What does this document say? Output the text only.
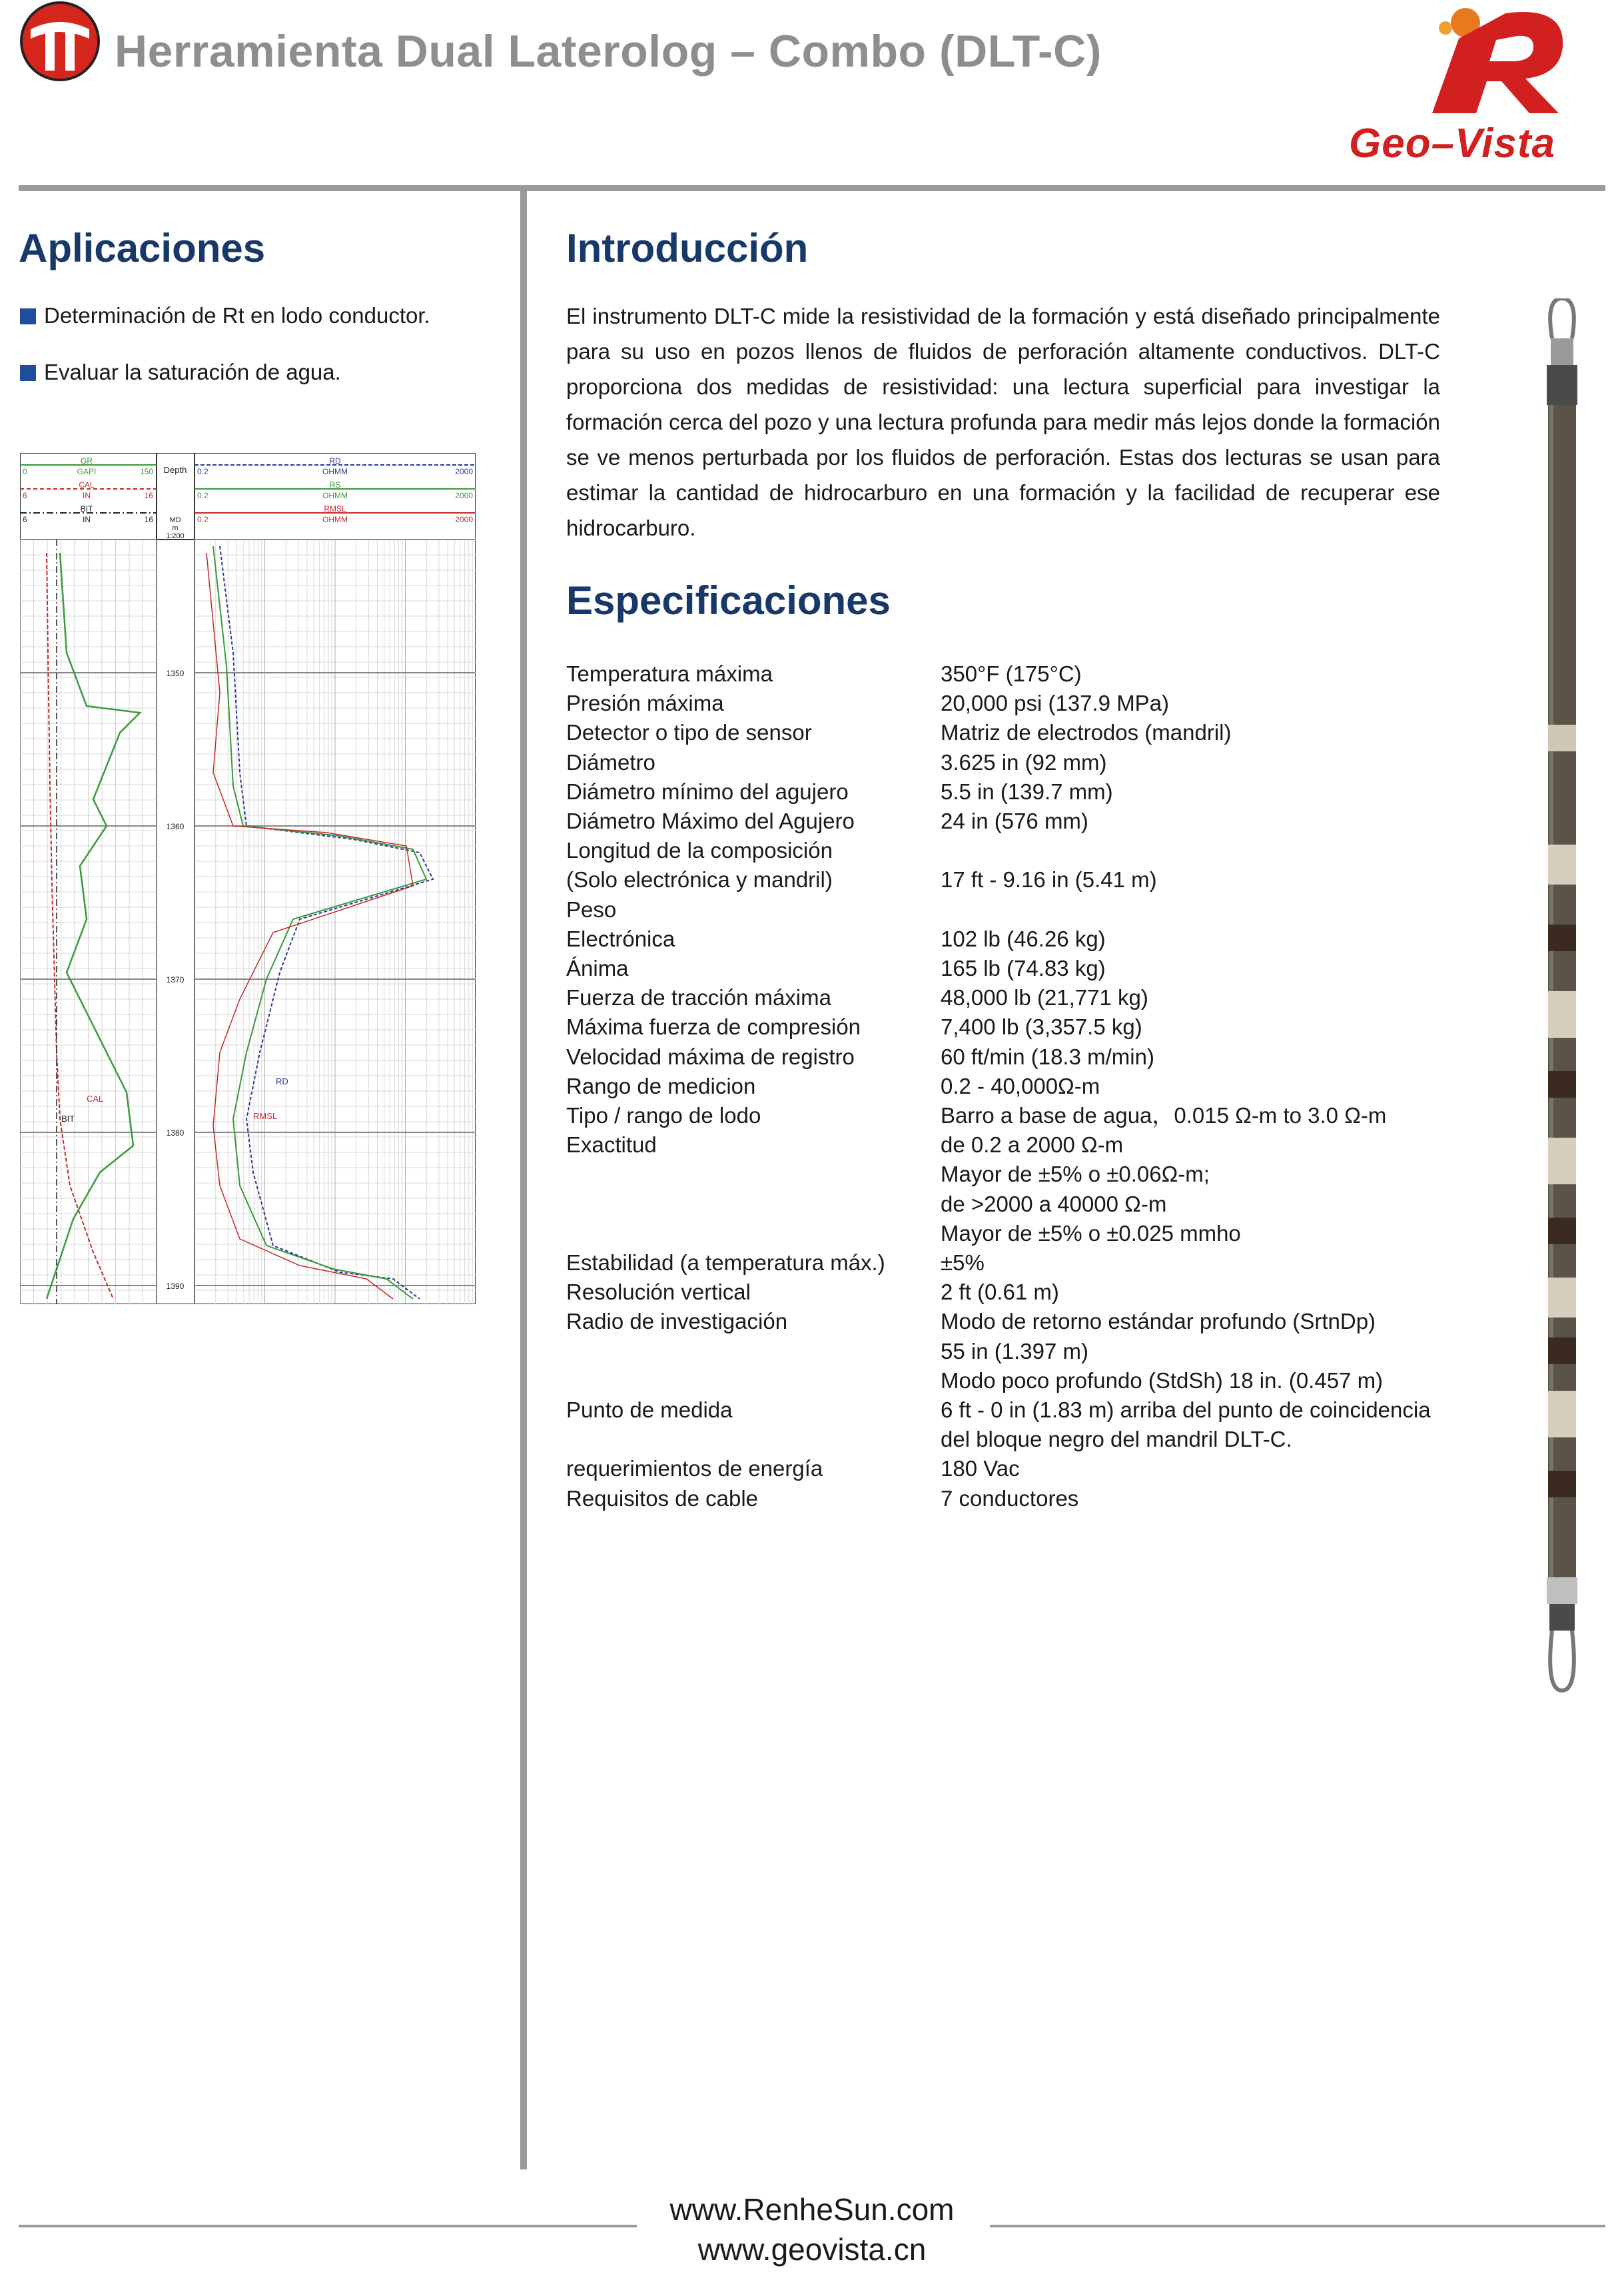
Herramienta Dual Laterolog – Combo (DLT-C)
Geo–Vista
Aplicaciones
Determinación de Rt en lodo conductor.
Evaluar la saturación de agua.
GR
GAPI
0	150
CAL
IN
6	16
BIT
IN
6	16
Depth
MD
m
1:200
RD
OHMM
0.2	2000
RS
OHMM
0.2	2000
RMSL
OHMM
0.2	2000
1350
1360
1370
1380
1390
BIT
CAL
RD
RMSL
Introducción
El instrumento DLT-C mide la resistividad de la formación y está diseñado principalmente para su uso en pozos llenos de fluidos de perforación altamente conductivos. DLT-C proporciona dos medidas de resistividad: una lectura superficial para investigar la formación cerca del pozo y una lectura profunda para medir más lejos donde la formación se ve menos perturbada por los fluidos de perforación. Estas dos lecturas se usan para estimar la cantidad de hidrocarburo en una formación y la facilidad de recuperar ese hidrocarburo.
Especificaciones
Temperatura máxima	350°F (175°C)
Presión máxima	20,000 psi (137.9 MPa)
Detector o tipo de sensor	Matriz de electrodos (mandril)
Diámetro	3.625 in (92 mm)
Diámetro mínimo del agujero	5.5 in (139.7 mm)
Diámetro Máximo del Agujero	24 in (576 mm)
Longitud de la composición
(Solo electrónica y mandril)	17 ft - 9.16 in (5.41 m)
Peso
Electrónica	102 lb (46.26 kg)
Ánima	165 lb (74.83 kg)
Fuerza de tracción máxima	48,000 lb (21,771 kg)
Máxima fuerza de compresión	7,400 lb (3,357.5 kg)
Velocidad máxima de registro	60 ft/min (18.3 m/min)
Rango de medicion	0.2 - 40,000Ω-m
Tipo / rango de lodo	Barro a base de agua，0.015 Ω-m to 3.0 Ω-m
Exactitud	de 0.2 a 2000 Ω-m
Mayor de ±5% o ±0.06Ω-m;
de >2000 a 40000 Ω-m
Mayor de ±5% o ±0.025 mmho
Estabilidad (a temperatura máx.)	±5%
Resolución vertical	2 ft (0.61 m)
Radio de investigación	Modo de retorno estándar profundo (SrtnDp)
55 in (1.397 m)
Modo poco profundo (StdSh) 18 in. (0.457 m)
Punto de medida	6 ft - 0 in (1.83 m) arriba del punto de coincidencia
del bloque negro del mandril DLT-C.
requerimientos de energía	180 Vac
Requisitos de cable	7 conductores
www.RenheSun.com
www.geovista.cn
